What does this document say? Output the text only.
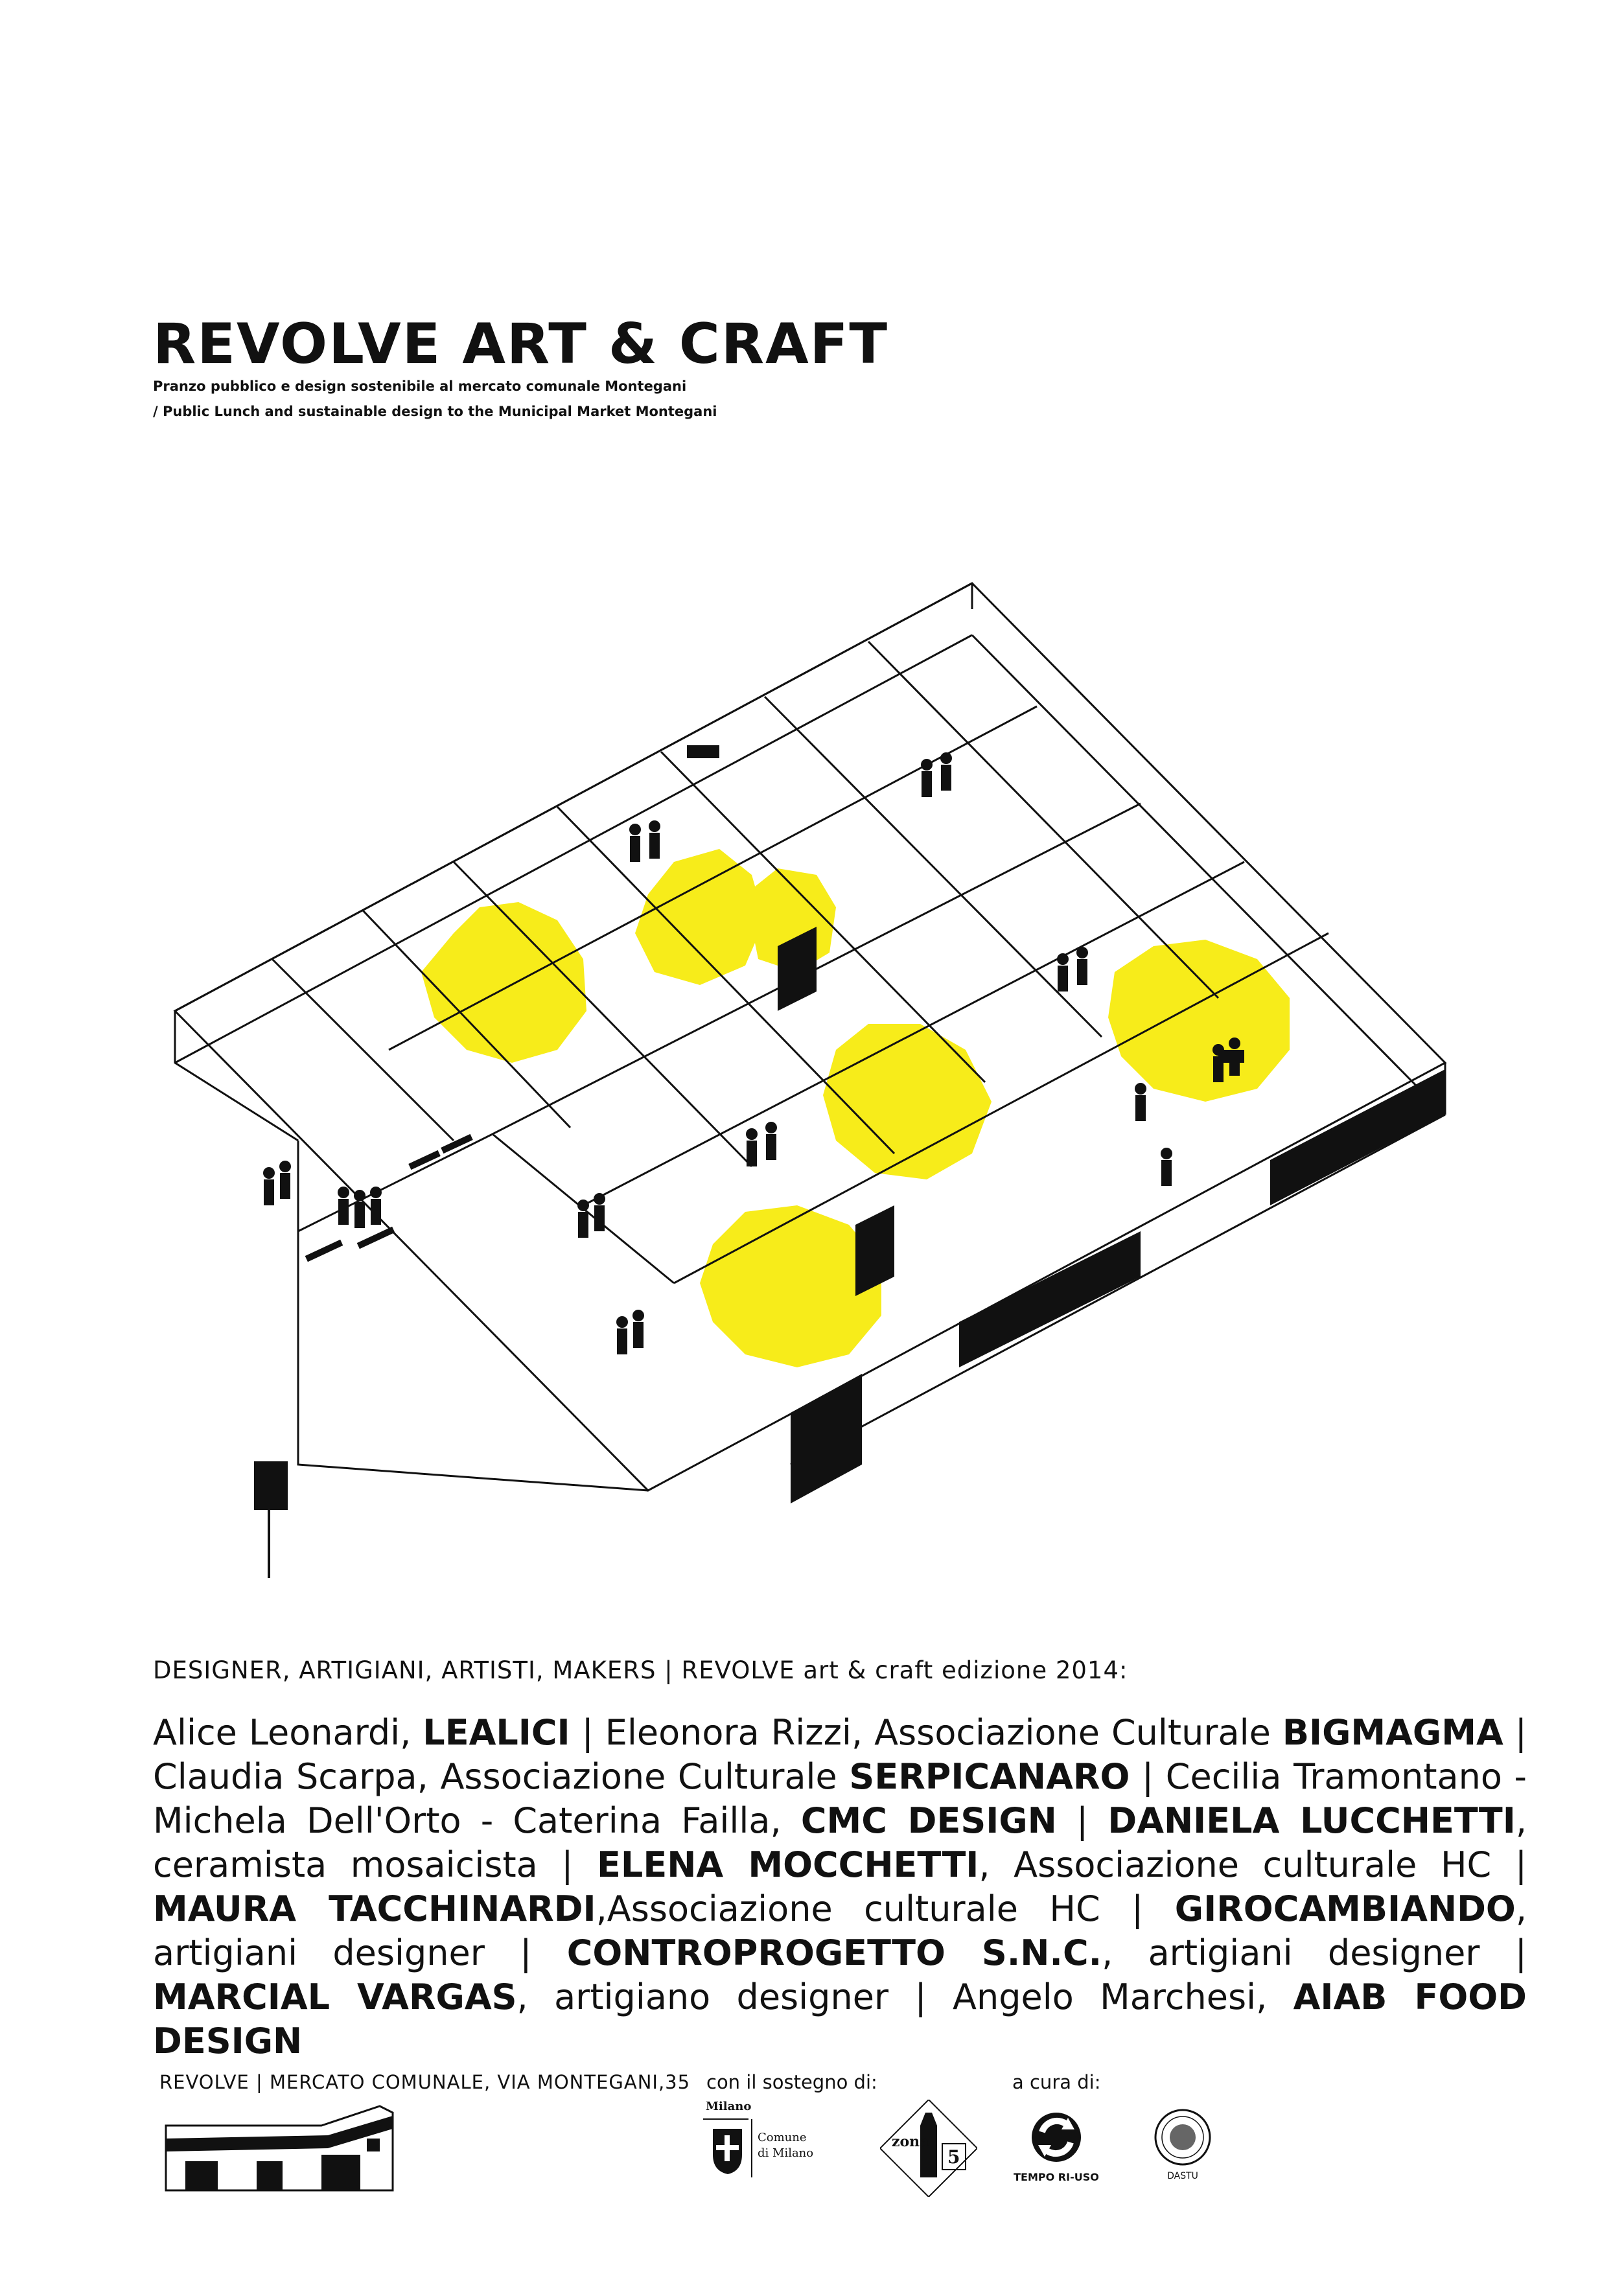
REVOLVE ART & CRAFT
Pranzo pubblico e design sostenibile al mercato comunale Montegani
/ Public Lunch and sustainable design to the Municipal Market Montegani
DESIGNER, ARTIGIANI, ARTISTI, MAKERS | REVOLVE art & craft edizione 2014:
Alice Leonardi, LEALICI | Eleonora Rizzi, Associazione Culturale BIGMAGMA | Claudia Scarpa, Associazione Culturale SERPICANARO | Cecilia Tramontano - Michela Dell'Orto - Caterina Failla, CMC DESIGN | DANIELA LUCCHETTI, ceramista mosaicista | ELENA MOCCHETTI, Associazione culturale HC | MAURA TACCHINARDI,Associazione culturale HC | GIROCAMBIANDO, artigiani designer | CONTROPROGETTO S.N.C., artigiani designer | MARCIAL VARGAS, artigiano designer | Angelo Marchesi, AIAB FOOD DESIGN
REVOLVE | MERCATO COMUNALE, VIA MONTEGANI,35 con il sostegno di:	a cura di:
Milano
Comune
di Milano
zona
5
TEMPO RI-USO	DASTU
